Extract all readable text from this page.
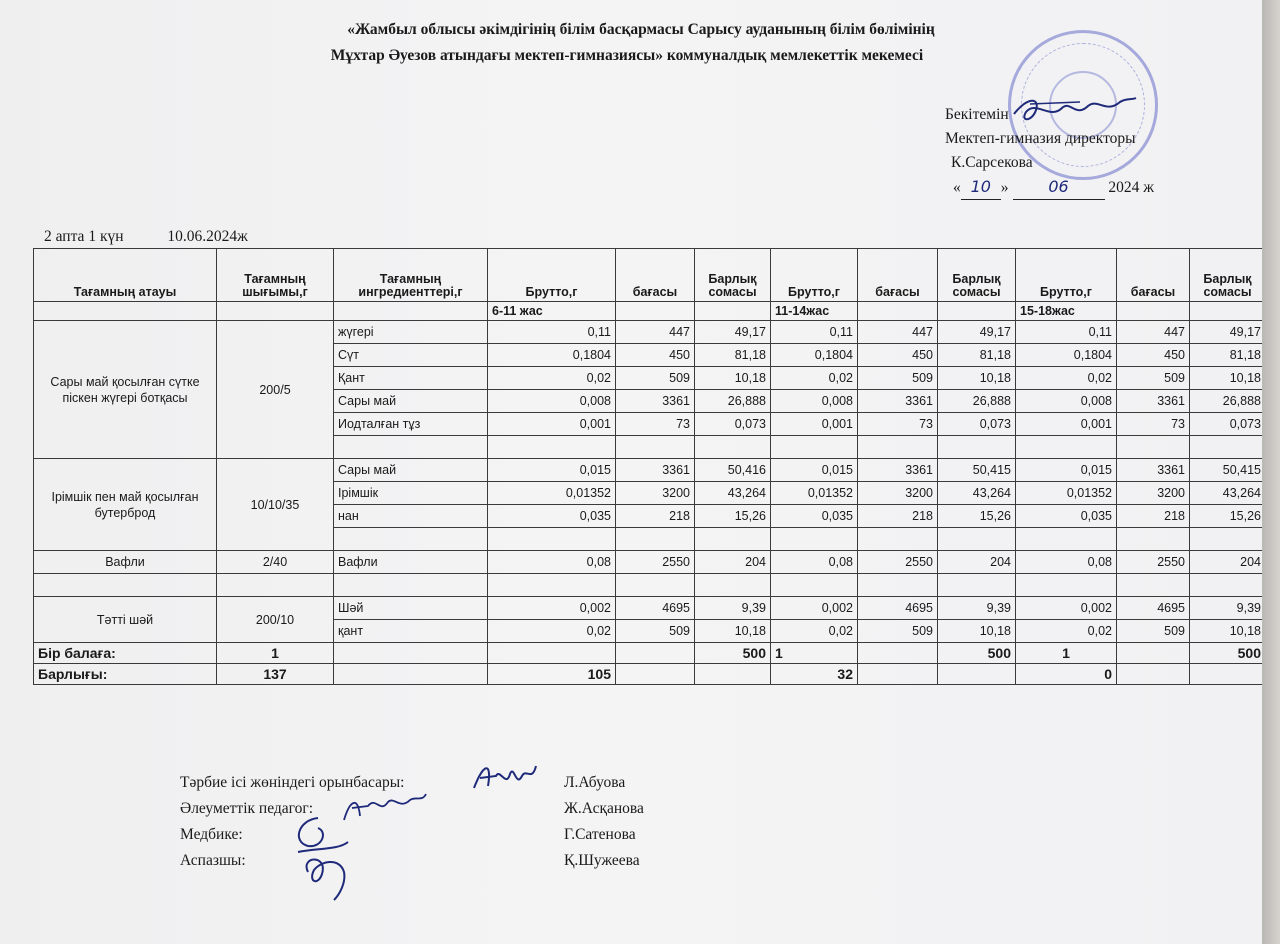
«Жамбыл облысы әкімдігінің білім басқармасы Сарысу ауданының білім бөлімінің
Мұхтар Әуезов атындағы мектеп-гимназиясы» коммуналдық мемлекеттік мекемесі
Бекітемін
Мектеп-гимназия директоры
К.Сарсекова
« 10 » 06	2024 ж
2 апта 1 күн	10.06.2024ж
Тағамның атауы	Тағамның шығымы,г	Тағамның ингредиенттері,г	Брутто,г	бағасы	Барлық сомасы	Брутто,г	бағасы	Барлық сомасы	Брутто,г	бағасы	Барлық сомасы
			6-11 жас			11-14жас			15-18жас		
Сары май қосылған сүтке піскен жүгері ботқасы	200/5	жүгері	0,11	447	49,17	0,11	447	49,17	0,11	447	49,17
		Сүт	0,1804	450	81,18	0,1804	450	81,18	0,1804	450	81,18
		Қант	0,02	509	10,18	0,02	509	10,18	0,02	509	10,18
		Сары май	0,008	3361	26,888	0,008	3361	26,888	0,008	3361	26,888
		Иодталған тұз	0,001	73	0,073	0,001	73	0,073	0,001	73	0,073

Ірімшік пен май қосылған бутерброд	10/10/35	Сары май	0,015	3361	50,416	0,015	3361	50,415	0,015	3361	50,415
		Ірімшік	0,01352	3200	43,264	0,01352	3200	43,264	0,01352	3200	43,264
		нан	0,035	218	15,26	0,035	218	15,26	0,035	218	15,26

Вафли	2/40	Вафли	0,08	2550	204	0,08	2550	204	0,08	2550	204

Тәтті шәй	200/10	Шәй	0,002	4695	9,39	0,002	4695	9,39	0,002	4695	9,39
		қант	0,02	509	10,18	0,02	509	10,18	0,02	509	10,18
Бір балаға:	1				500	1		500	1		500
Барлығы:	137		105			32			0		
Тәрбие ісі жөніндегі орынбасары:	Л.Абуова
Әлеуметтік педагог:	Ж.Асқанова
Медбике:	Г.Сатенова
Аспазшы:	Қ.Шужеева
